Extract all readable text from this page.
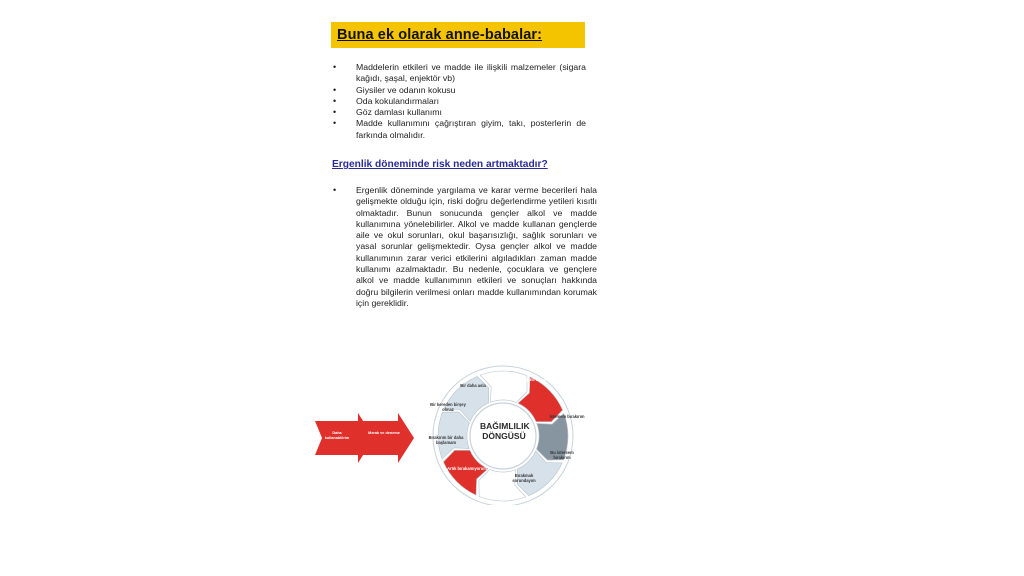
Buna ek olarak anne-babalar:
• Maddelerin etkileri ve madde ile ilişkili malzemeler (sigara kağıdı, şaşal, enjektör vb)
• Giysiler ve odanın kokusu
• Oda kokulandırmaları
• Göz damlası kullanımı
• Madde kullanımını çağrıştıran giyim, takı, posterlerin de farkında olmalıdır.
Ergenlik döneminde risk neden artmaktadır?
• Ergenlik döneminde yargılama ve karar verme becerileri hala gelişmekte olduğu için, riski doğru değerlendirme yetileri kısıtlı olmaktadır. Bunun sonucunda gençler alkol ve madde kullanımına yönelebilirler. Alkol ve madde kullanan gençlerde aile ve okul sorunları, okul başarısızlığı, sağlık sorunları ve yasal sorunlar gelişmektedir. Oysa gençler alkol ve madde kullanımının zarar verici etkilerini algıladıkları zaman madde kullanımı azalmaktadır. Bu nedenle, çocuklara ve gençlere alkol ve madde kullanımının etkileri ve sonuçları hakkında doğru bilgilerin verilmesi onları madde kullanımından korumak için gereklidir.

Daha kullanabilirim
Merak ve deneme
BAĞIMLILIK DÖNGÜSÜ
Bir daha asla
Geri bağımlı olmam
İstemem bırakırım
Bu istersem bırakırım
Bırakmak sorundayım
Artık bırakamıyorum
Bırakırım bir daha başlamam
Bir kereden birşey olmaz
